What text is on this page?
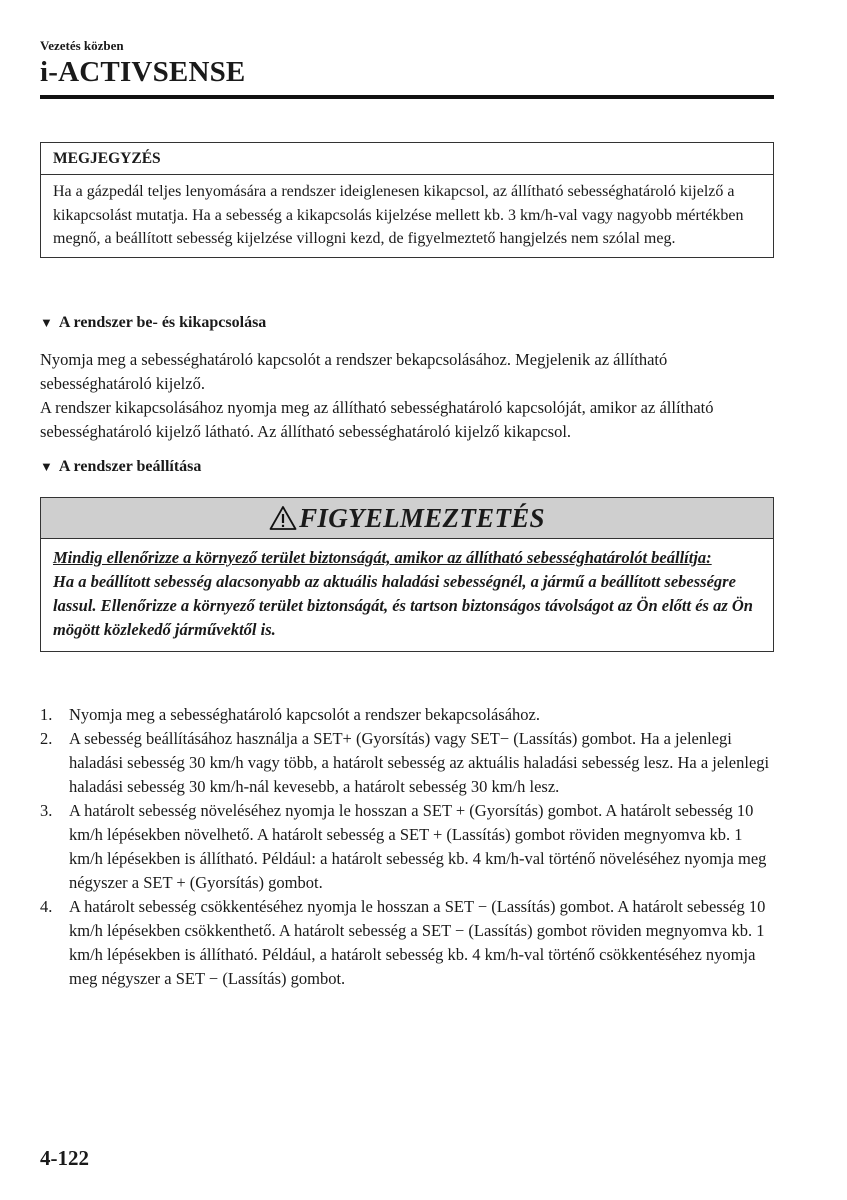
Vezetés közben
i-ACTIVSENSE
MEGJEGYZÉS
Ha a gázpedál teljes lenyomására a rendszer ideiglenesen kikapcsol, az állítható sebességhatároló kijelző a kikapcsolást mutatja. Ha a sebesség a kikapcsolás kijelzése mellett kb. 3 km/h-val vagy nagyobb mértékben megnő, a beállított sebesség kijelzése villogni kezd, de figyelmeztető hangjelzés nem szólal meg.
▼ A rendszer be- és kikapcsolása
Nyomja meg a sebességhatároló kapcsolót a rendszer bekapcsolásához. Megjelenik az állítható sebességhatároló kijelző.
A rendszer kikapcsolásához nyomja meg az állítható sebességhatároló kapcsolóját, amikor az állítható sebességhatároló kijelző látható. Az állítható sebességhatároló kijelző kikapcsol.
▼ A rendszer beállítása
FIGYELMEZTETÉS
Mindig ellenőrizze a környező terület biztonságát, amikor az állítható sebességhatárolót beállítja:
Ha a beállított sebesség alacsonyabb az aktuális haladási sebességnél, a jármű a beállított sebességre lassul. Ellenőrizze a környező terület biztonságát, és tartson biztonságos távolságot az Ön előtt és az Ön mögött közlekedő járművektől is.
1.	Nyomja meg a sebességhatároló kapcsolót a rendszer bekapcsolásához.
2.	A sebesség beállításához használja a SET+ (Gyorsítás) vagy SET− (Lassítás) gombot. Ha a jelenlegi haladási sebesség 30 km/h vagy több, a határolt sebesség az aktuális haladási sebesség lesz. Ha a jelenlegi haladási sebesség 30 km/h-nál kevesebb, a határolt sebesség 30 km/h lesz.
3.	A határolt sebesség növeléséhez nyomja le hosszan a SET + (Gyorsítás) gombot. A határolt sebesség 10 km/h lépésekben növelhető. A határolt sebesség a SET + (Lassítás) gombot röviden megnyomva kb. 1 km/h lépésekben is állítható. Például: a határolt sebesség kb. 4 km/h-val történő növeléséhez nyomja meg négyszer a SET + (Gyorsítás) gombot.
4.	A határolt sebesség csökkentéséhez nyomja le hosszan a SET − (Lassítás) gombot. A határolt sebesség 10 km/h lépésekben csökkenthető. A határolt sebesség a SET − (Lassítás) gombot röviden megnyomva kb. 1 km/h lépésekben is állítható. Például, a határolt sebesség kb. 4 km/h-val történő csökkentéséhez nyomja meg négyszer a SET − (Lassítás) gombot.
4-122
